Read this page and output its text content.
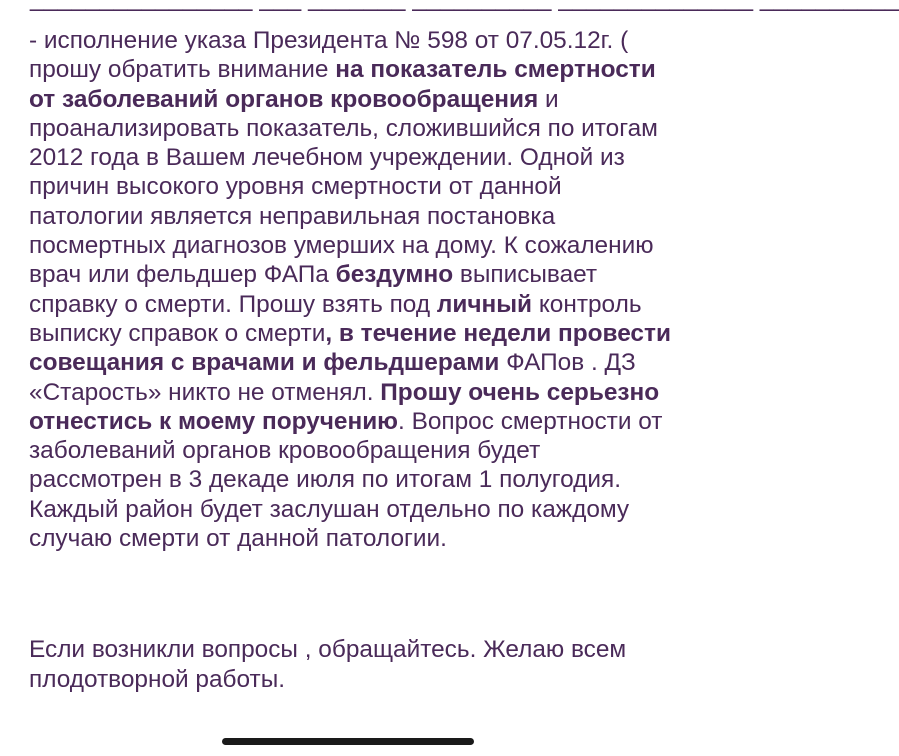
- исполнение указа Президента № 598 от 07.05.12г. ( прошу обратить внимание на показатель смертности от заболеваний органов кровообращения и проанализировать показатель, сложившийся по итогам 2012 года в Вашем лечебном учреждении. Одной из причин высокого уровня смертности от данной патологии является неправильная постановка посмертных диагнозов умерших на дому. К сожалению врач или фельдшер ФАПа бездумно выписывает справку о смерти. Прошу взять под личный контроль выписку справок о смерти, в течение недели провести совещания с врачами и фельдшерами ФАПов . ДЗ «Старость» никто не отменял. Прошу очень серьезно отнестись к моему поручению. Вопрос смертности от заболеваний органов кровообращения будет рассмотрен в 3 декаде июля по итогам 1 полугодия. Каждый район будет заслушан отдельно по каждому случаю смерти от данной патологии.

Если возникли вопросы , обращайтесь. Желаю всем плодотворной работы.
